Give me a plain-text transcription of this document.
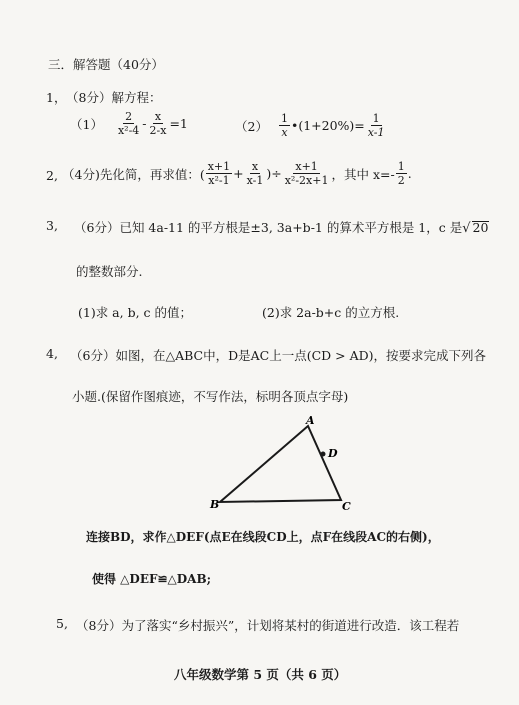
三．解答题（40分）
1， （8分）解方程：
$(1) \frac{2}{\text{x²-4}} - \frac{x}{2-x} =1$	$(2) \frac{1}{x}$ •(1+20%)= $\frac{1}{x-1}$
2, （4分)先化简，再求值：( $\frac{x+1}{\text{x²-1}} + \frac{x}{x-1}$ )÷ $\frac{x+1}{\text{x²-2x+1}}$ ，其中 $x=- \frac{1}{2}$ .
3, （6分）已知 4a-11 的平方根是±3, 3a+b-1 的算术平方根是 1，c 是√ 20
的整数部分.
(1)求 a, b, c 的值；	(2)求 2a-b+c 的立方根.
4, （6分）如图，在△ABC中，D是AC上一点(CD > AD)，按要求完成下列各
小题.(保留作图痕迹，不写作法，标明各顶点字母)
A
B	C
D
连接BD，求作△DEF(点E在线段CD上，点F在线段AC的右侧)，
使得 △DEF≌△DAB;
5, （8分）为了落实“乡村振兴”，计划将某村的街道进行改造．该工程若
八年级数学第 5 页（共 6 页）
